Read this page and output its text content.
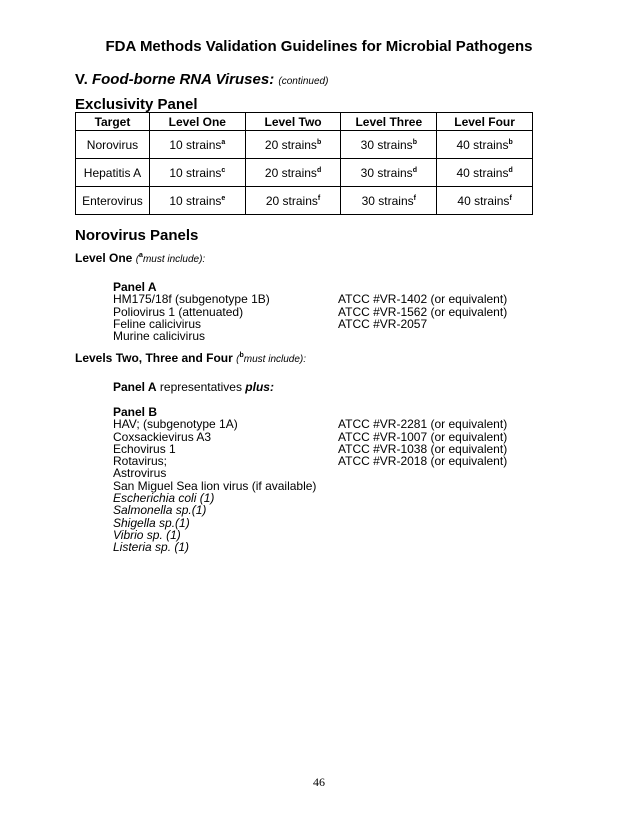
FDA Methods Validation Guidelines for Microbial Pathogens
V. Food-borne RNA Viruses: (continued)
Exclusivity Panel
Target	Level One	Level Two	Level Three	Level Four
Norovirus	10 strains$^a$	20 strains$^b$	30 strains$^b$	40 strains$^b$
Hepatitis A	10 strains$^c$	20 strains$^d$	30 strains$^d$	40 strains$^d$
Enterovirus	10 strains$^e$	20 strains$^f$	30 strains$^f$	40 strains$^f$
Norovirus Panels
Level One ($^a$must include):
Panel A
HM175/18f (subgenotype 1B)	ATCC #VR-1402 (or equivalent)
Poliovirus 1 (attenuated)	ATCC #VR-1562 (or equivalent)
Feline calicivirus	ATCC #VR-2057
Murine calicivirus
Levels Two, Three and Four ($^b$must include):
Panel A representatives plus:
Panel B
HAV; (subgenotype 1A)	ATCC #VR-2281 (or equivalent)
Coxsackievirus A3	ATCC #VR-1007 (or equivalent)
Echovirus 1	ATCC #VR-1038 (or equivalent)
Rotavirus;	ATCC #VR-2018 (or equivalent)
Astrovirus
San Miguel Sea lion virus (if available)
Escherichia coli (1)
Salmonella sp.(1)
Shigella sp.(1)
Vibrio sp. (1)
Listeria sp. (1)
46
